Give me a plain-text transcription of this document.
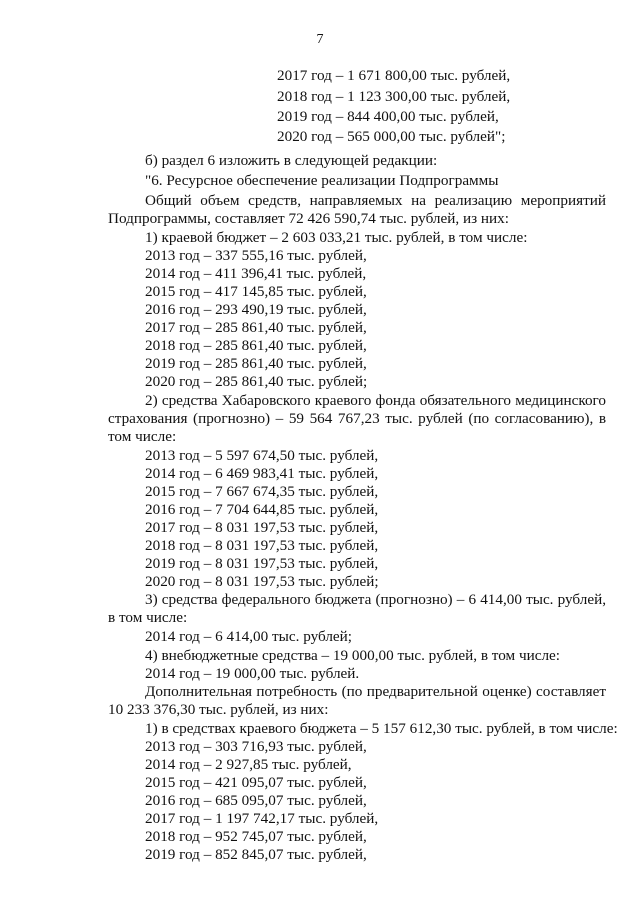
7
2017 год – 1 671 800,00 тыс. рублей,
2018 год – 1 123 300,00 тыс. рублей,
2019 год – 844 400,00 тыс. рублей,
2020 год – 565 000,00 тыс. рублей";
б) раздел 6 изложить в следующей редакции:
"6. Ресурсное обеспечение реализации Подпрограммы
Общий объем средств, направляемых на реализацию мероприятий
Подпрограммы, составляет 72 426 590,74 тыс. рублей, из них:
1) краевой бюджет – 2 603 033,21 тыс. рублей, в том числе:
2013 год – 337 555,16 тыс. рублей,
2014 год – 411 396,41 тыс. рублей,
2015 год – 417 145,85 тыс. рублей,
2016 год – 293 490,19 тыс. рублей,
2017 год – 285 861,40 тыс. рублей,
2018 год – 285 861,40 тыс. рублей,
2019 год – 285 861,40 тыс. рублей,
2020 год – 285 861,40 тыс. рублей;
2) средства Хабаровского краевого фонда обязательного медицинского
страхования (прогнозно) – 59 564 767,23 тыс. рублей (по согласованию), в
том числе:
2013 год – 5 597 674,50 тыс. рублей,
2014 год – 6 469 983,41 тыс. рублей,
2015 год – 7 667 674,35 тыс. рублей,
2016 год – 7 704 644,85 тыс. рублей,
2017 год – 8 031 197,53 тыс. рублей,
2018 год – 8 031 197,53 тыс. рублей,
2019 год – 8 031 197,53 тыс. рублей,
2020 год – 8 031 197,53 тыс. рублей;
3) средства федерального бюджета (прогнозно) – 6 414,00 тыс. рублей,
в том числе:
2014 год – 6 414,00 тыс. рублей;
4) внебюджетные средства – 19 000,00 тыс. рублей, в том числе:
2014 год – 19 000,00 тыс. рублей.
Дополнительная потребность (по предварительной оценке) составляет
10 233 376,30 тыс. рублей, из них:
1) в средствах краевого бюджета – 5 157 612,30 тыс. рублей, в том числе:
2013 год – 303 716,93 тыс. рублей,
2014 год – 2 927,85 тыс. рублей,
2015 год – 421 095,07 тыс. рублей,
2016 год – 685 095,07 тыс. рублей,
2017 год – 1 197 742,17 тыс. рублей,
2018 год – 952 745,07 тыс. рублей,
2019 год – 852 845,07 тыс. рублей,
